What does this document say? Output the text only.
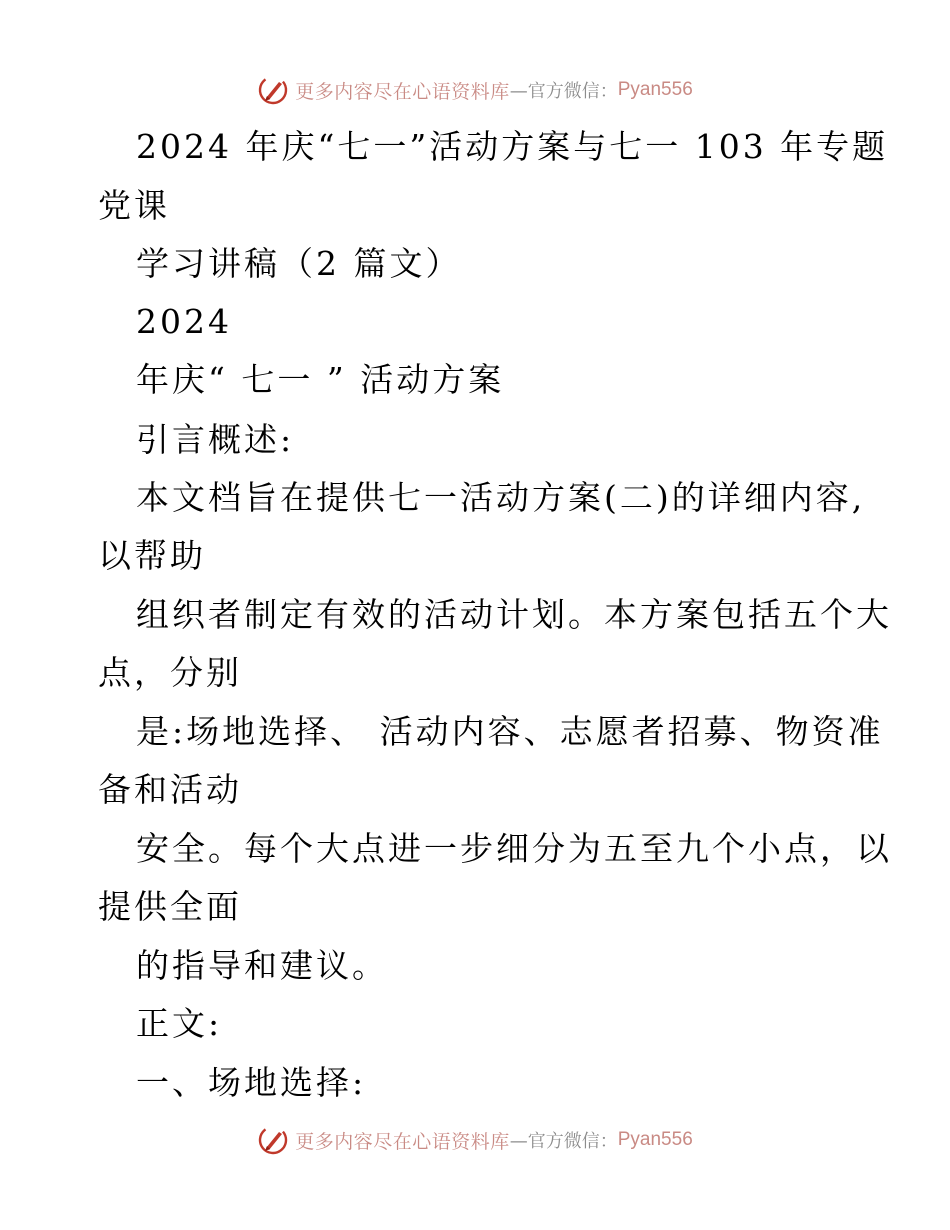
更多内容尽在心语资料库 —官方微信： Pyan556
2024 年庆“七一”活动方案与七一 103 年专题
党课
学习讲稿（2 篇文）
2024
年庆“ 七一 ” 活动方案
引言概述:
本文档旨在提供七一活动方案(二)的详细内容,
以帮助
组织者制定有效的活动计划。本方案包括五个大
点，分别
是:场地选择、 活动内容、志愿者招募、物资准
备和活动
安全。每个大点进一步细分为五至九个小点，以
提供全面
的指导和建议。
正文:
一、场地选择:
更多内容尽在心语资料库 —官方微信： Pyan556
